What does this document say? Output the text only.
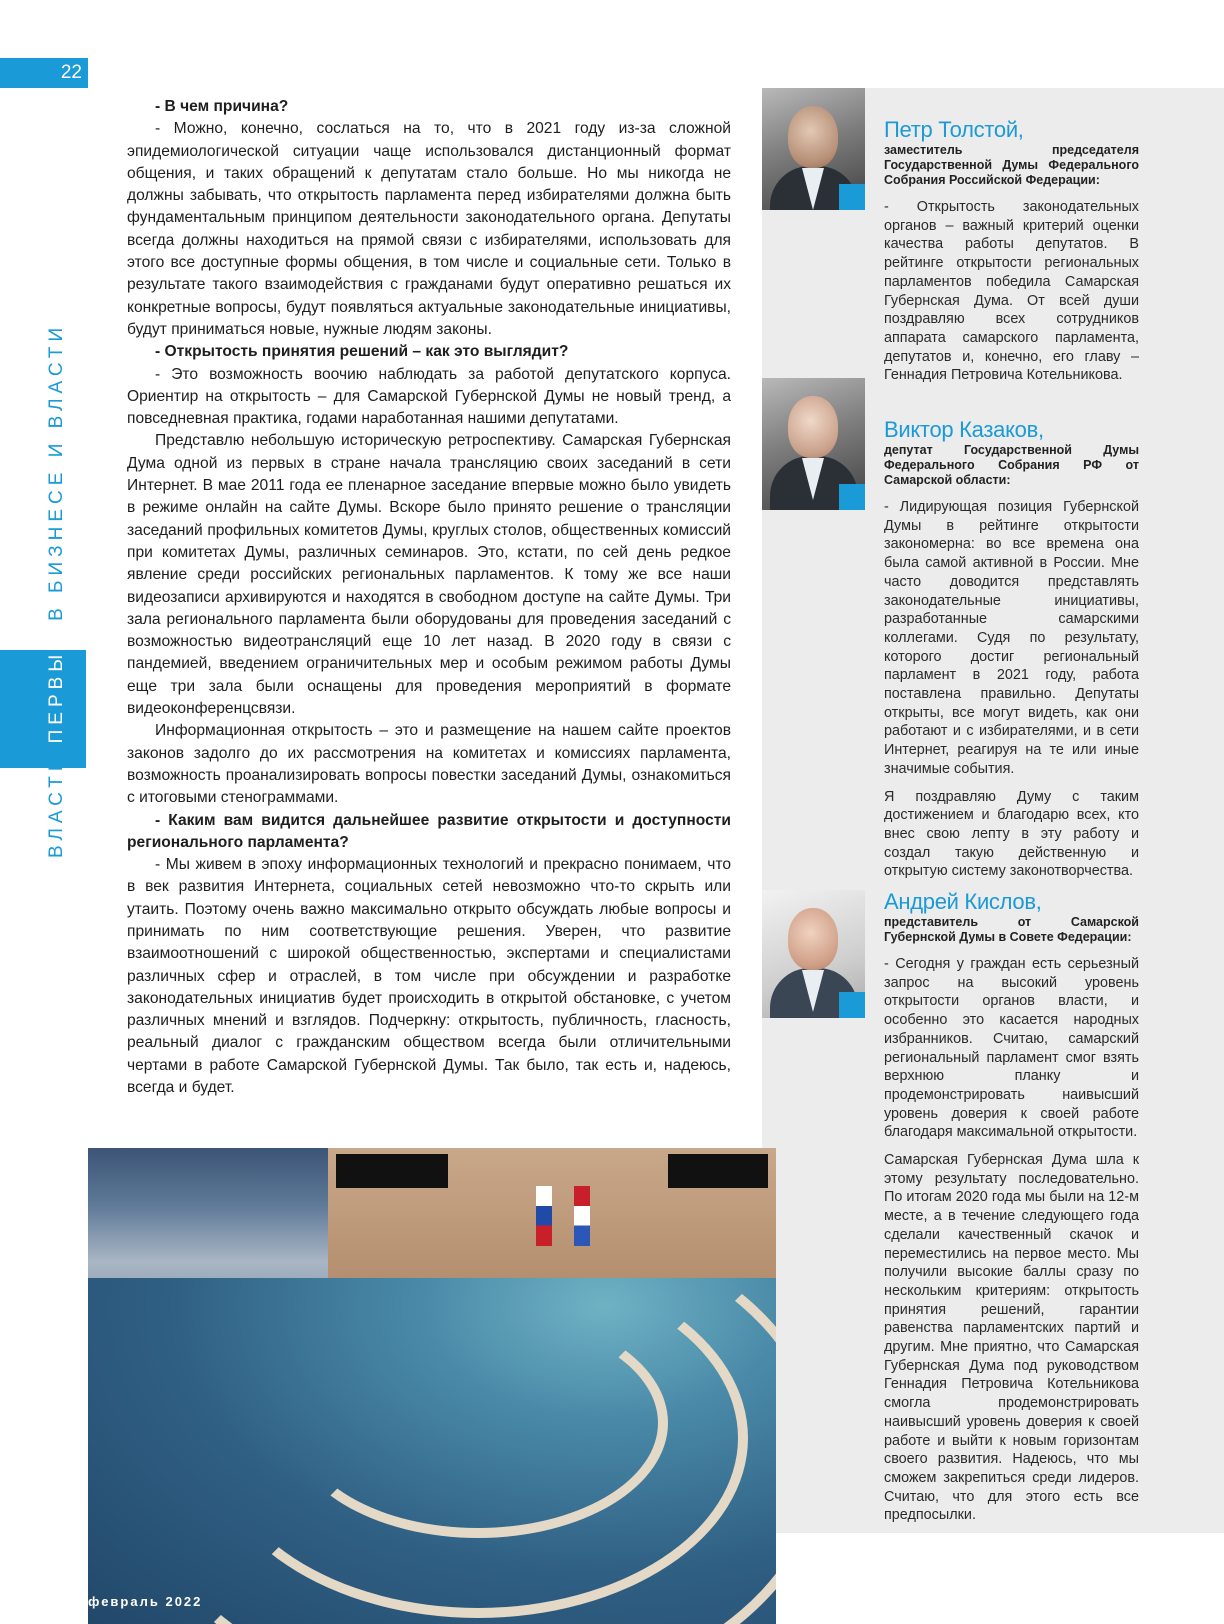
22
ВЛАСТЬ ПЕРВЫЙ В БИЗНЕСЕ И ВЛАСТИ

- В чем причина?

- Можно, конечно, сослаться на то, что в 2021 году из-за сложной эпидемиологической ситуации чаще использовался дистанционный формат общения, и таких обращений к депутатам стало больше. Но мы никогда не должны забывать, что открытость парламента перед избирателями должна быть фундаментальным принципом деятельности законодательного органа. Депутаты всегда должны находиться на прямой связи с избирателями, использовать для этого все доступные формы общения, в том числе и социальные сети. Только в результате такого взаимодействия с гражданами будут оперативно решаться их конкретные вопросы, будут появляться актуальные законодательные инициативы, будут приниматься новые, нужные людям законы.

- Открытость принятия решений – как это выглядит?

- Это возможность воочию наблюдать за работой депутатского корпуса. Ориентир на открытость – для Самарской Губернской Думы не новый тренд, а повседневная практика, годами наработанная нашими депутатами.

Представлю небольшую историческую ретроспективу. Самарская Губернская Дума одной из первых в стране начала трансляцию своих заседаний в сети Интернет. В мае 2011 года ее пленарное заседание впервые можно было увидеть в режиме онлайн на сайте Думы. Вскоре было принято решение о трансляции заседаний профильных комитетов Думы, круглых столов, общественных комиссий при комитетах Думы, различных семинаров. Это, кстати, по сей день редкое явление среди российских региональных парламентов. К тому же все наши видеозаписи архивируются и находятся в свободном доступе на сайте Думы. Три зала регионального парламента были оборудованы для проведения заседаний с возможностью видеотрансляций еще 10 лет назад. В 2020 году в связи с пандемией, введением ограничительных мер и особым режимом работы Думы еще три зала были оснащены для проведения мероприятий в формате видеоконференцсвязи.

Информационная открытость – это и размещение на нашем сайте проектов законов задолго до их рассмотрения на комитетах и комиссиях парламента, возможность проанализировать вопросы повестки заседаний Думы, ознакомиться с итоговыми стенограммами.

- Каким вам видится дальнейшее развитие открытости и доступности регионального парламента?

- Мы живем в эпоху информационных технологий и прекрасно понимаем, что в век развития Интернета, социальных сетей невозможно что-то скрыть или утаить. Поэтому очень важно максимально открыто обсуждать любые вопросы и принимать по ним соответствующие решения. Уверен, что развитие взаимоотношений с широкой общественностью, экспертами и специалистами различных сфер и отраслей, в том числе при обсуждении и разработке законодательных инициатив будет происходить в открытой обстановке, с учетом различных мнений и взглядов. Подчеркну: открытость, публичность, гласность, реальный диалог с гражданским обществом всегда были отличительными чертами в работе Самарской Губернской Думы. Так было, так есть и, надеюсь, всегда и будет.

Петр Толстой,
заместитель председателя Государственной Думы Федерального Собрания Российской Федерации:

- Открытость законодательных органов – важный критерий оценки качества работы депутатов. В рейтинге открытости региональных парламентов победила Самарская Губернская Дума. От всей души поздравляю всех сотрудников аппарата самарского парламента, депутатов и, конечно, его главу – Геннадия Петровича Котельникова.

Виктор Казаков,
депутат Государственной Думы Федерального Собрания РФ от Самарской области:

- Лидирующая позиция Губернской Думы в рейтинге открытости закономерна: во все времена она была самой активной в России. Мне часто доводится представлять законодательные инициативы, разработанные самарскими коллегами. Судя по результату, которого достиг региональный парламент в 2021 году, работа поставлена правильно. Депутаты открыты, все могут видеть, как они работают и с избирателями, и в сети Интернет, реагируя на те или иные значимые события.

Я поздравляю Думу с таким достижением и благодарю всех, кто внес свою лепту в эту работу и создал такую действенную и открытую систему законотворчества.

Андрей Кислов,
представитель от Самарской Губернской Думы в Совете Федерации:

- Сегодня у граждан есть серьезный запрос на высокий уровень открытости органов власти, и особенно это касается народных избранников. Считаю, самарский региональный парламент смог взять верхнюю планку и продемонстрировать наивысший уровень доверия к своей работе благодаря максимальной открытости.

Самарская Губернская Дума шла к этому результату последовательно. По итогам 2020 года мы были на 12-м месте, а в течение следующего года сделали качественный скачок и переместились на первое место. Мы получили высокие баллы сразу по нескольким критериям: открытость принятия решений, гарантии равенства парламентских партий и другим. Мне приятно, что Самарская Губернская Дума под руководством Геннадия Петровича Котельникова смогла продемонстрировать наивысший уровень доверия к своей работе и выйти к новым горизонтам своего развития. Надеюсь, что мы сможем закрепиться среди лидеров. Считаю, что для этого есть все предпосылки.

февраль 2022
